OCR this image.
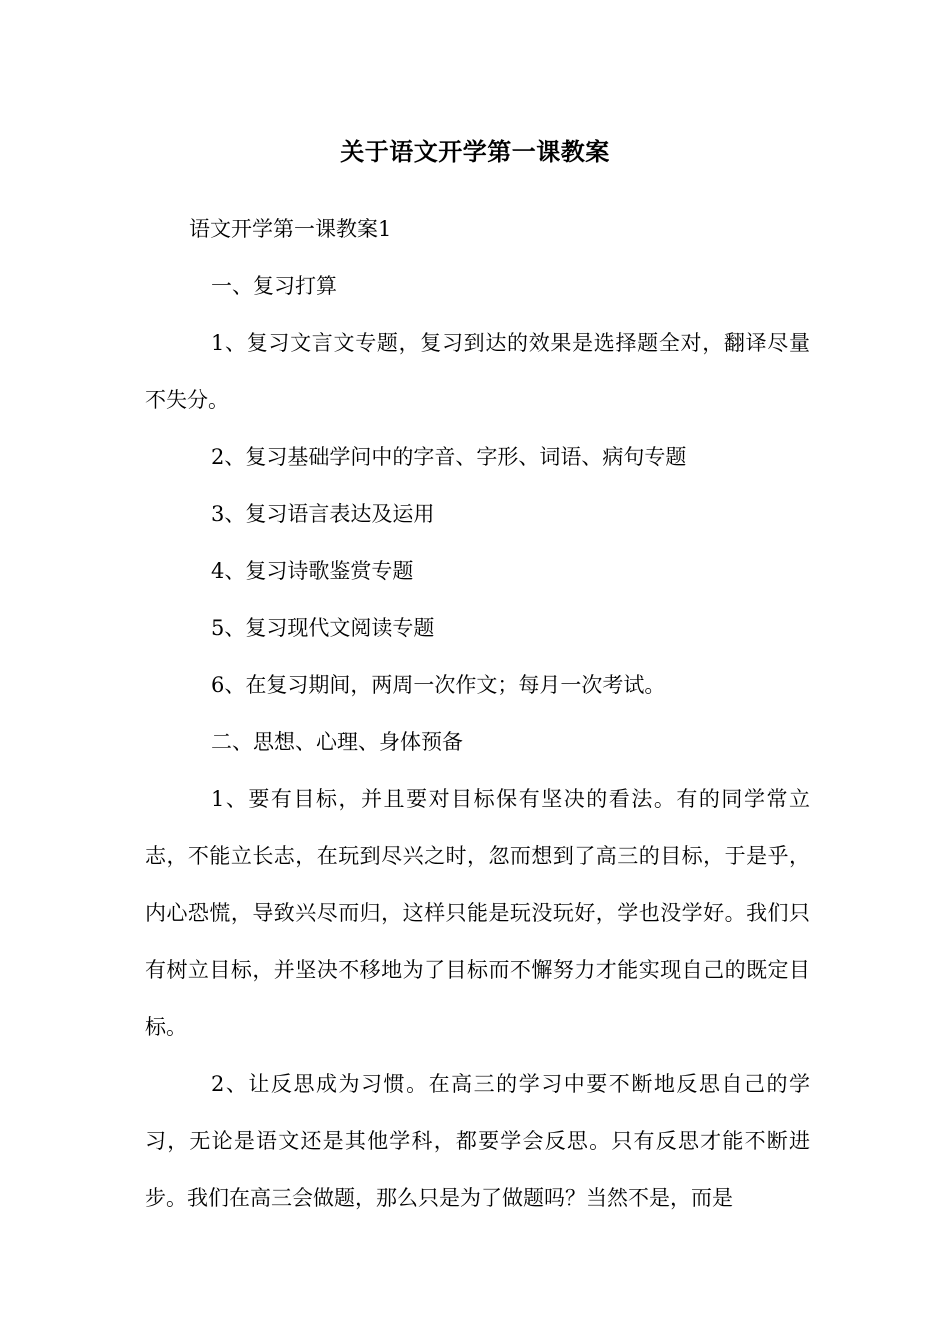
关于语文开学第一课教案

语文开学第一课教案1

一、复习打算

1、复习文言文专题，复习到达的效果是选择题全对，翻译尽量不失分。

2、复习基础学问中的字音、字形、词语、病句专题

3、复习语言表达及运用

4、复习诗歌鉴赏专题

5、复习现代文阅读专题

6、在复习期间，两周一次作文；每月一次考试。

二、思想、心理、身体预备

1、要有目标，并且要对目标保有坚决的看法。有的同学常立志，不能立长志，在玩到尽兴之时，忽而想到了高三的目标，于是乎，内心恐慌，导致兴尽而归，这样只能是玩没玩好，学也没学好。我们只有树立目标，并坚决不移地为了目标而不懈努力才能实现自己的既定目标。

2、让反思成为习惯。在高三的学习中要不断地反思自己的学习，无论是语文还是其他学科，都要学会反思。只有反思才能不断进步。我们在高三会做题，那么只是为了做题吗？当然不是，而是
